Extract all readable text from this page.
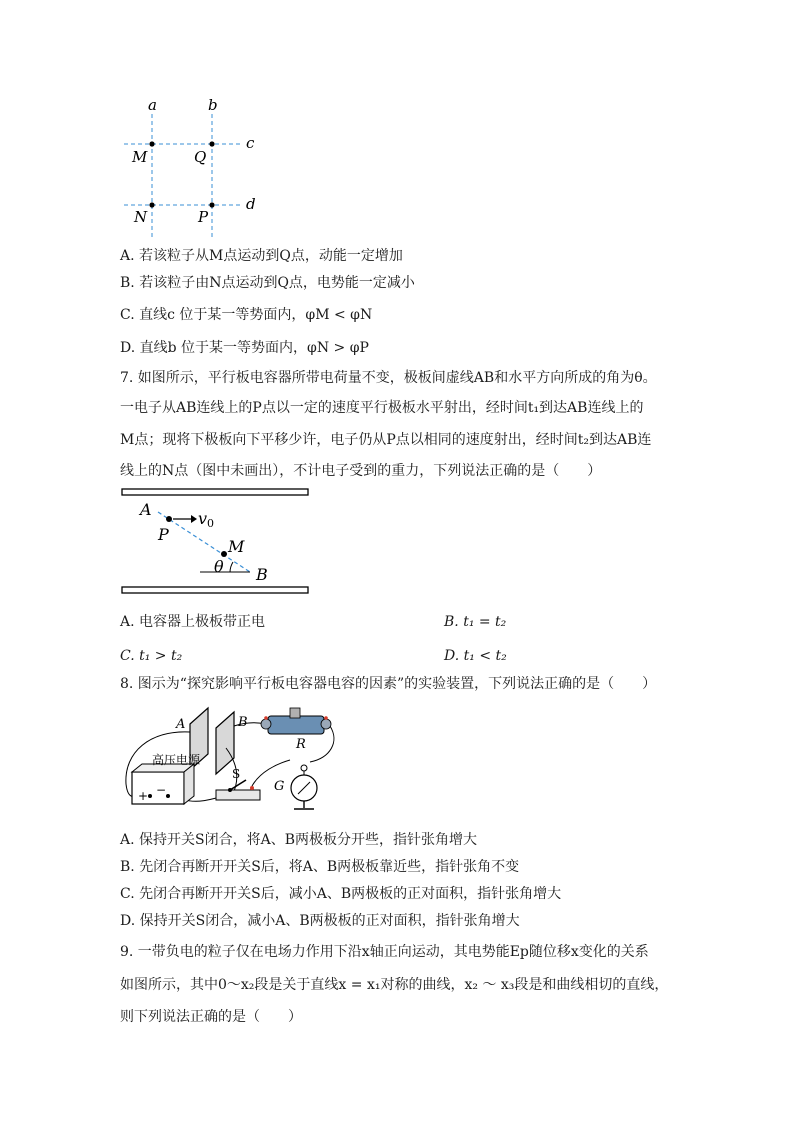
a	b
c
d
M	Q
N	P
A. 若该粒子从M点运动到Q点，动能一定增加
B. 若该粒子由N点运动到Q点，电势能一定减小
C. 直线c 位于某一等势面内，φM < φN
D. 直线b 位于某一等势面内，φN > φP
7. 如图所示，平行板电容器所带电荷量不变，极板间虚线AB和水平方向所成的角为θ。
一电子从AB连线上的P点以一定的速度平行极板水平射出，经时间t₁到达AB连线上的
M点；现将下极板向下平移少许，电子仍从P点以相同的速度射出，经时间t₂到达AB连
线上的N点（图中未画出），不计电子受到的重力，下列说法正确的是（　　）
A
P
v0
M
θ B
A. 电容器上极板带正电	B. t₁ = t₂
C. t₁ > t₂	D. t₁ < t₂
8. 图示为“探究影响平行板电容器电容的因素”的实验装置，下列说法正确的是（　　）
A	B
R
G
高压电源
S
+ −
A. 保持开关S闭合，将A、B两极板分开些，指针张角增大
B. 先闭合再断开开关S后，将A、B两极板靠近些，指针张角不变
C. 先闭合再断开开关S后，减小A、B两极板的正对面积，指针张角增大
D. 保持开关S闭合，减小A、B两极板的正对面积，指针张角增大
9. 一带负电的粒子仅在电场力作用下沿x轴正向运动，其电势能Ep随位移x变化的关系
如图所示，其中0～x₂段是关于直线x = x₁对称的曲线，x₂ ～ x₃段是和曲线相切的直线，
则下列说法正确的是（　　）
